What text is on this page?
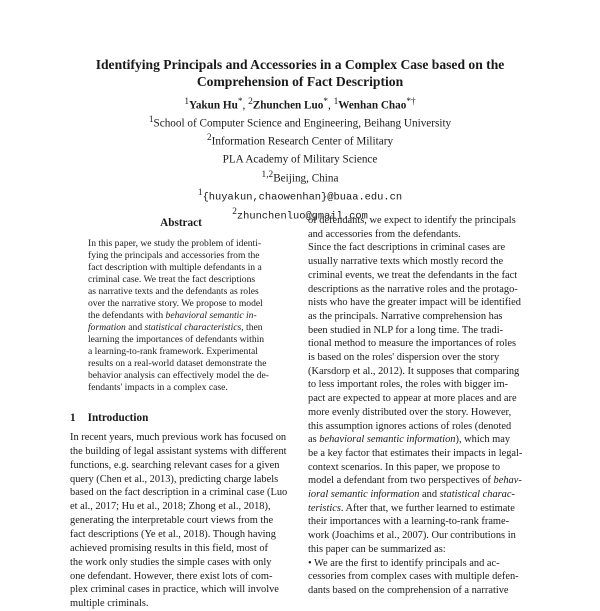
Identifying Principals and Accessories in a Complex Case based on the
Comprehension of Fact Description
$^1$Yakun Hu*, $^2$Zhunchen Luo*, $^1$Wenhan Chao*†
$^1$School of Computer Science and Engineering, Beihang University
$^2$Information Research Center of Military
PLA Academy of Military Science
$^{1,2}$Beijing, China
$^1${huyakun,chaowenhan}@buaa.edu.cn
$^2$zhunchenluo@gmail.com
Abstract
In this paper, we study the problem of identi-
fying the principals and accessories from the
fact description with multiple defendants in a
criminal case. We treat the fact descriptions
as narrative texts and the defendants as roles
over the narrative story. We propose to model
the defendants with behavioral semantic in-
formation and statistical characteristics, then
learning the importances of defendants within
a learning-to-rank framework. Experimental
results on a real-world dataset demonstrate the
behavior analysis can effectively model the de-
fendants' impacts in a complex case.
1 Introduction
In recent years, much previous work has focused on
the building of legal assistant systems with different
functions, e.g. searching relevant cases for a given
query (Chen et al., 2013), predicting charge labels
based on the fact description in a criminal case (Luo
et al., 2017; Hu et al., 2018; Zhong et al., 2018),
generating the interpretable court views from the
fact descriptions (Ye et al., 2018). Though having
achieved promising results in this field, most of
the work only studies the simple cases with only
one defendant. However, there exist lots of com-
plex criminal cases in practice, which will involve
multiple criminals.
of defendants, we expect to identify the principals
and accessories from the defendants.
Since the fact descriptions in criminal cases are
usually narrative texts which mostly record the
criminal events, we treat the defendants in the fact
descriptions as the narrative roles and the protago-
nists who have the greater impact will be identified
as the principals. Narrative comprehension has
been studied in NLP for a long time. The tradi-
tional method to measure the importances of roles
is based on the roles' dispersion over the story
(Karsdorp et al., 2012). It supposes that comparing
to less important roles, the roles with bigger im-
pact are expected to appear at more places and are
more evenly distributed over the story. However,
this assumption ignores actions of roles (denoted
as behavioral semantic information), which may
be a key factor that estimates their impacts in legal-
context scenarios. In this paper, we propose to
model a defendant from two perspectives of behav-
ioral semantic information and statistical charac-
teristics. After that, we further learned to estimate
their importances with a learning-to-rank frame-
work (Joachims et al., 2007). Our contributions in
this paper can be summarized as:
• We are the first to identify principals and ac-
cessories from complex cases with multiple defen-
dants based on the comprehension of a narrative
